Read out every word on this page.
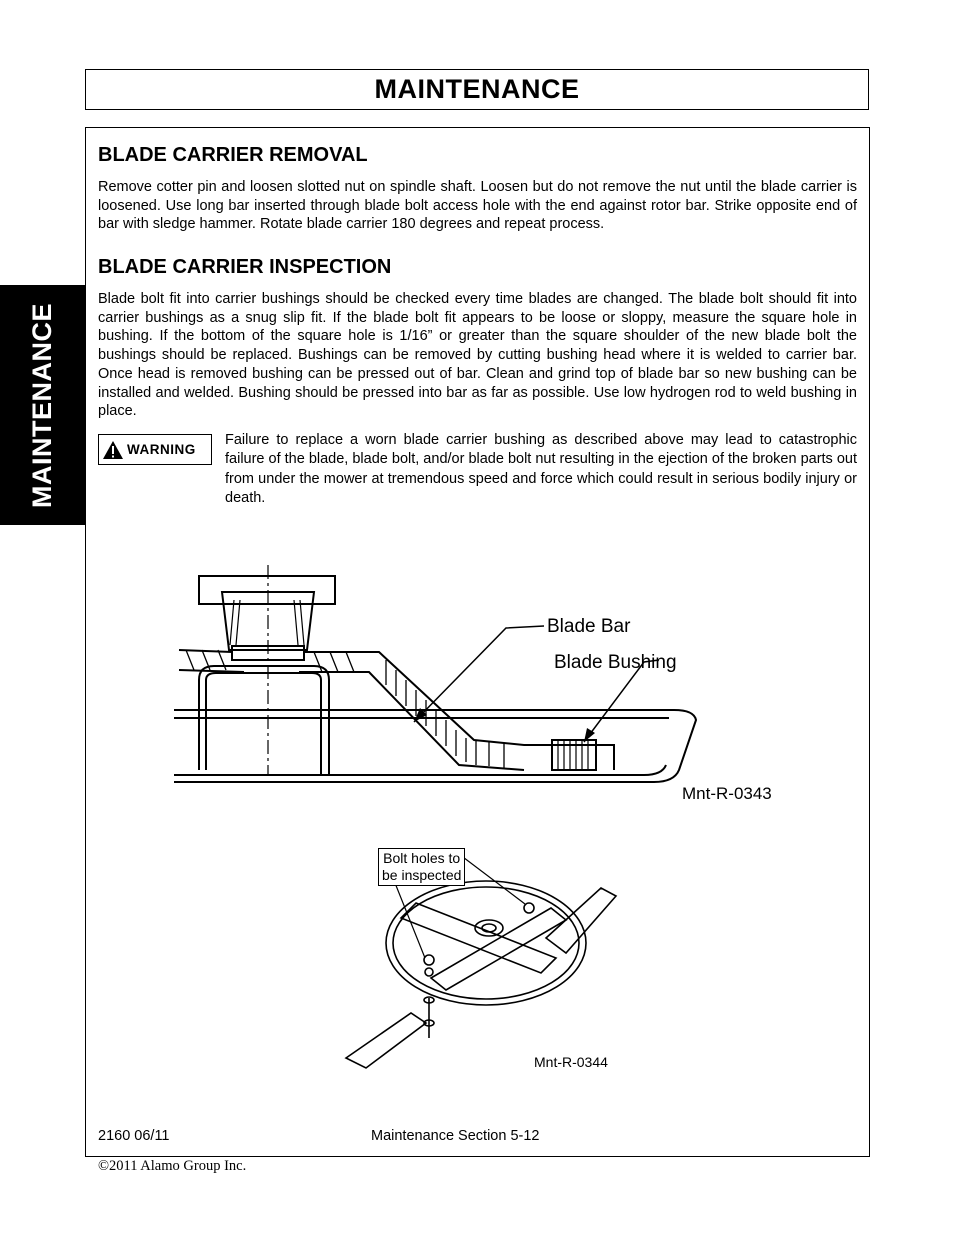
MAINTENANCE
MAINTENANCE
BLADE CARRIER REMOVAL

Remove cotter pin and loosen slotted nut on spindle shaft. Loosen but do not remove the nut until the blade carrier is loosened. Use long bar inserted through blade bolt access hole with the end against rotor bar. Strike opposite end of bar with sledge hammer. Rotate blade carrier 180 degrees and repeat process.

BLADE CARRIER INSPECTION

Blade bolt fit into carrier bushings should be checked every time blades are changed. The blade bolt should fit into carrier bushings as a snug slip fit. If the blade bolt fit appears to be loose or sloppy, measure the square hole in bushing. If the bottom of the square hole is 1/16” or greater than the square shoulder of the new blade bolt the bushings should be replaced. Bushings can be removed by cutting bushing head where it is welded to carrier bar. Once head is removed bushing can be pressed out of bar. Clean and grind top of blade bar so new bushing can be installed and welded. Bushing should be pressed into bar as far as possible. Use low hydrogen rod to weld bushing in place.

WARNING

Failure to replace a worn blade carrier bushing as described above may lead to catastrophic failure of the blade, blade bolt, and/or blade bolt nut resulting in the ejection of the broken parts out from under the mower at tremendous speed and force which could result in serious bodily injury or death.

Blade Bar
Blade Bushing
Mnt-R-0343
Bolt holes to
be inspected
Mnt-R-0344
2160 06/11	Maintenance Section 5-12
©2011 Alamo Group Inc.
